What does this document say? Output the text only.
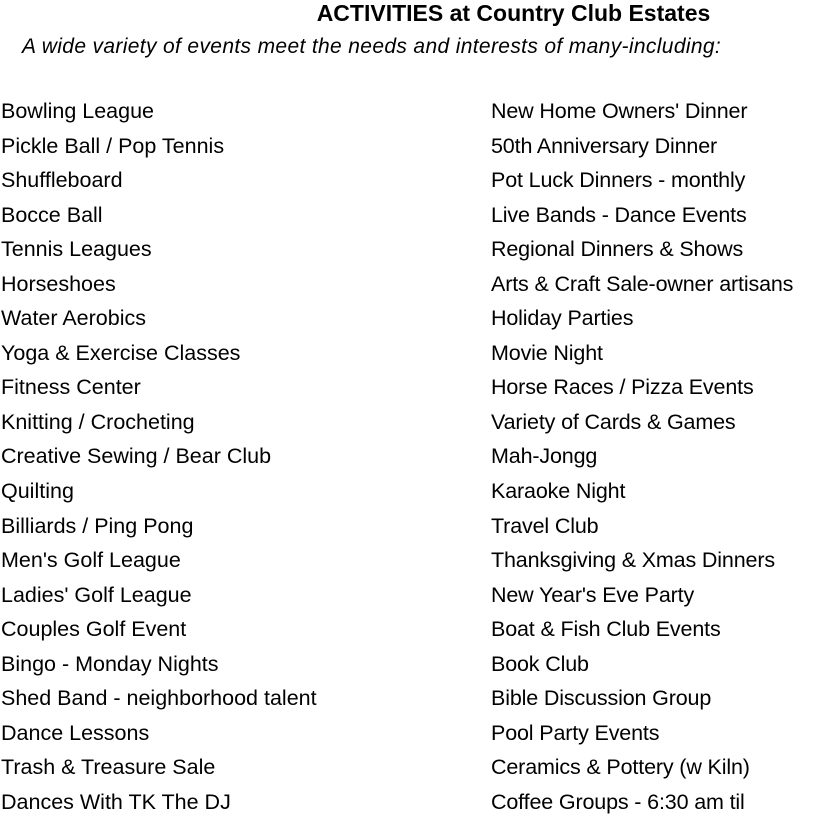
ACTIVITIES at Country Club Estates
A wide variety of events meet the needs and interests of many-including:
Bowling League
Pickle Ball / Pop Tennis
Shuffleboard
Bocce Ball
Tennis Leagues
Horseshoes
Water Aerobics
Yoga & Exercise Classes
Fitness Center
Knitting / Crocheting
Creative Sewing / Bear Club
Quilting
Billiards / Ping Pong
Men's Golf League
Ladies' Golf League
Couples Golf Event
Bingo - Monday Nights
Shed Band - neighborhood talent
Dance Lessons
Trash & Treasure Sale
Dances With TK The DJ
New Home Owners' Dinner
50th Anniversary Dinner
Pot Luck Dinners - monthly
Live Bands - Dance Events
Regional Dinners & Shows
Arts & Craft Sale-owner artisans
Holiday Parties
Movie Night
Horse Races / Pizza Events
Variety of Cards & Games
Mah-Jongg
Karaoke Night
Travel Club
Thanksgiving & Xmas Dinners
New Year's Eve Party
Boat & Fish Club Events
Book Club
Bible Discussion Group
Pool Party Events
Ceramics & Pottery (w Kiln)
Coffee Groups - 6:30 am til
